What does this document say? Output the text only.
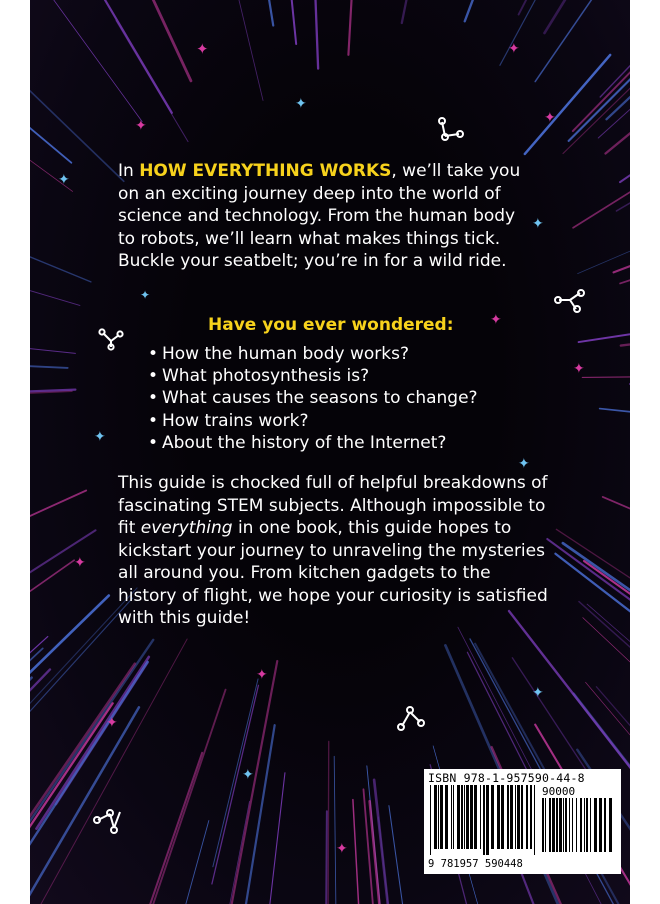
✦	✦
✦
✦	✦
✦
✦
✦
✦
✦
✦
✦
✦
✦
✦
✦
✦
✦
In HOW EVERYTHING WORKS, we’ll take you on an exciting journey deep into the world of science and technology. From the human body to robots, we’ll learn what makes things tick. Buckle your seatbelt; you’re in for a wild ride.
Have you ever wondered:
• How the human body works?
• What photosynthesis is?
• What causes the seasons to change?
• How trains work?
• About the history of the Internet?
This guide is chocked full of helpful breakdowns of fascinating STEM subjects. Although impossible to fit everything in one book, this guide hopes to kickstart your journey to unraveling the mysteries all around you. From kitchen gadgets to the history of flight, we hope your curiosity is satisfied with this guide!
ISBN 978-1-957590-44-8
90000
9 781957 590448
